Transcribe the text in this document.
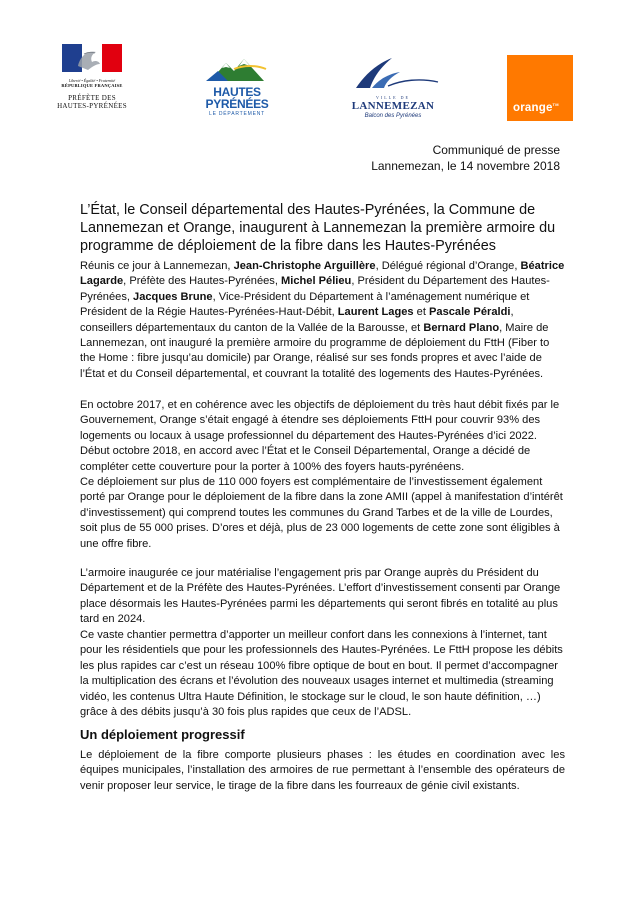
Liberté • Égalité • Fraternité
RÉPUBLIQUE FRANÇAISE
PRÉFÈTE DES
HAUTES-PYRÉNÉES
HAUTES
PYRÉNÉES
LE DÉPARTEMENT
VILLE DE
LANNEMEZAN
Balcon des Pyrénées
orange™
Communiqué de presse
Lannemezan, le 14 novembre 2018
L’État, le Conseil départemental des Hautes-Pyrénées, la Commune de Lannemezan et Orange, inaugurent à Lannemezan la première armoire du programme de déploiement de la fibre dans les Hautes-Pyrénées

Réunis ce jour à Lannemezan, Jean-Christophe Arguillère, Délégué régional d’Orange, Béatrice Lagarde, Préfète des Hautes-Pyrénées, Michel Pélieu, Président du Département des Hautes-Pyrénées, Jacques Brune, Vice-Président du Département à l’aménagement numérique et Président de la Régie Hautes-Pyrénées-Haut-Débit, Laurent Lages et Pascale Péraldi, conseillers départementaux du canton de la Vallée de la Barousse, et Bernard Plano, Maire de Lannemezan, ont inauguré la première armoire du programme de déploiement du FttH (Fiber to the Home : fibre jusqu’au domicile) par Orange, réalisé sur ses fonds propres et avec l’aide de l’État et du Conseil départemental, et couvrant la totalité des logements des Hautes-Pyrénées.

En octobre 2017, et en cohérence avec les objectifs de déploiement du très haut débit fixés par le Gouvernement, Orange s’était engagé à étendre ses déploiements FttH pour couvrir 93% des logements ou locaux à usage professionnel du département des Hautes-Pyrénées d’ici 2022. Début octobre 2018, en accord avec l’État et le Conseil Départemental, Orange a décidé de compléter cette couverture pour la porter à 100% des foyers hauts-pyrénéens.

Ce déploiement sur plus de 110 000 foyers est complémentaire de l’investissement également porté par Orange pour le déploiement de la fibre dans la zone AMII (appel à manifestation d’intérêt d’investissement) qui comprend toutes les communes du Grand Tarbes et de la ville de Lourdes, soit plus de 55 000 prises. D’ores et déjà, plus de 23 000 logements de cette zone sont éligibles à une offre fibre.

L’armoire inaugurée ce jour matérialise l’engagement pris par Orange auprès du Président du Département et de la Préfète des Hautes-Pyrénées. L’effort d’investissement consenti par Orange place désormais les Hautes-Pyrénées parmi les départements qui seront fibrés en totalité au plus tard en 2024.

Ce vaste chantier permettra d’apporter un meilleur confort dans les connexions à l’internet, tant pour les résidentiels que pour les professionnels des Hautes-Pyrénées. Le FttH propose les débits les plus rapides car c’est un réseau 100% fibre optique de bout en bout. Il permet d’accompagner la multiplication des écrans et l’évolution des nouveaux usages internet et multimedia (streaming vidéo, les contenus Ultra Haute Définition, le stockage sur le cloud, le son haute définition, …) grâce à des débits jusqu’à 30 fois plus rapides que ceux de l’ADSL.

Un déploiement progressif

Le déploiement de la fibre comporte plusieurs phases : les études en coordination avec les équipes municipales, l’installation des armoires de rue permettant à l’ensemble des opérateurs de venir proposer leur service, le tirage de la fibre dans les fourreaux de génie civil existants.
